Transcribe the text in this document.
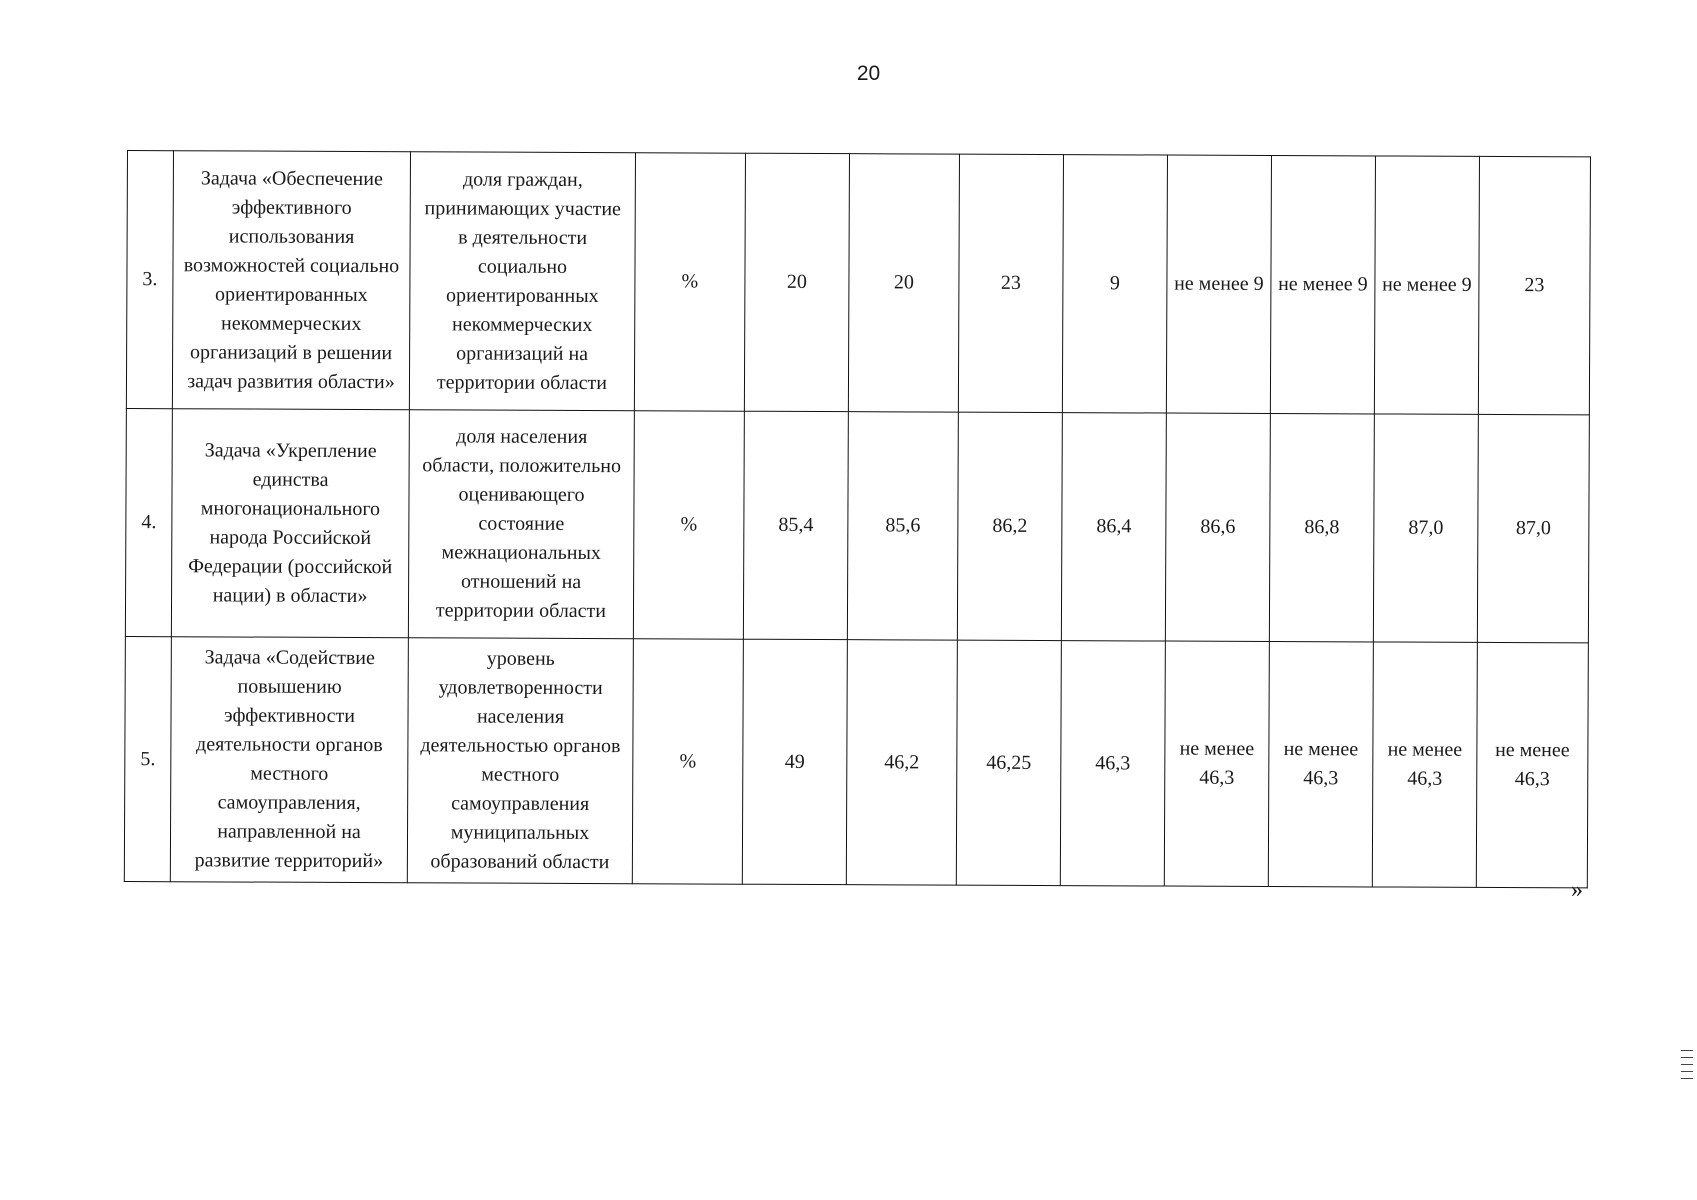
20
3.	Задача «Обеспечение эффективного использования возможностей социально ориентированных некоммерческих организаций в решении задач развития области»	доля граждан, принимающих участие в деятельности социально ориентированных некоммерческих организаций на территории области	%	20	20	23	9	не менее 9	не менее 9	не менее 9	23
4.	Задача «Укрепление единства многонационального народа Российской Федерации (российской нации) в области»	доля населения области, положительно оценивающего состояние межнациональных отношений на территории области	%	85,4	85,6	86,2	86,4	86,6	86,8	87,0	87,0
5.	Задача «Содействие повышению эффективности деятельности органов местного самоуправления, направленной на развитие территорий»	уровень удовлетворенности населения деятельностью органов местного самоуправления муниципальных образований области	%	49	46,2	46,25	46,3	не менее 46,3	не менее 46,3	не менее 46,3	не менее 46,3
»
